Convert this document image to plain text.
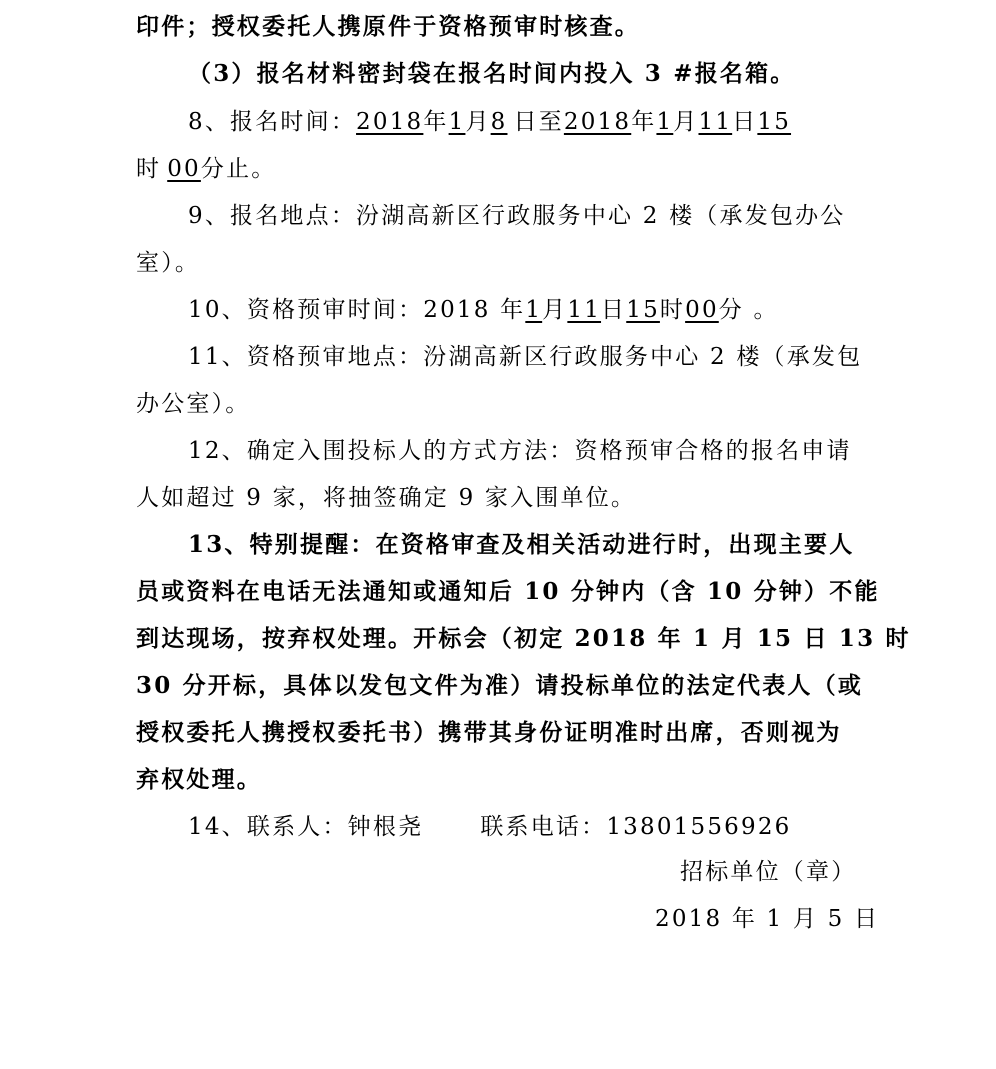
印件；授权委托人携原件于资格预审时核查。
（3）报名材料密封袋在报名时间内投入 3 #报名箱。
8、报名时间：2018年1月8 日至2018年1月11日15
时 00分止。
9、报名地点：汾湖高新区行政服务中心 2 楼（承发包办公
室）。
10、资格预审时间：2018 年1月11日15时00分 。
11、资格预审地点：汾湖高新区行政服务中心 2 楼（承发包
办公室）。
12、确定入围投标人的方式方法：资格预审合格的报名申请
人如超过 9 家，将抽签确定 9 家入围单位。
13、特别提醒：在资格审查及相关活动进行时，出现主要人
员或资料在电话无法通知或通知后 10 分钟内（含 10 分钟）不能
到达现场，按弃权处理。开标会（初定 2018 年 1 月 15 日 13 时
30 分开标，具体以发包文件为准）请投标单位的法定代表人（或
授权委托人携授权委托书）携带其身份证明准时出席，否则视为
弃权处理。
14、联系人：钟根尧      联系电话：13801556926
招标单位（章）
2018 年 1 月 5 日
